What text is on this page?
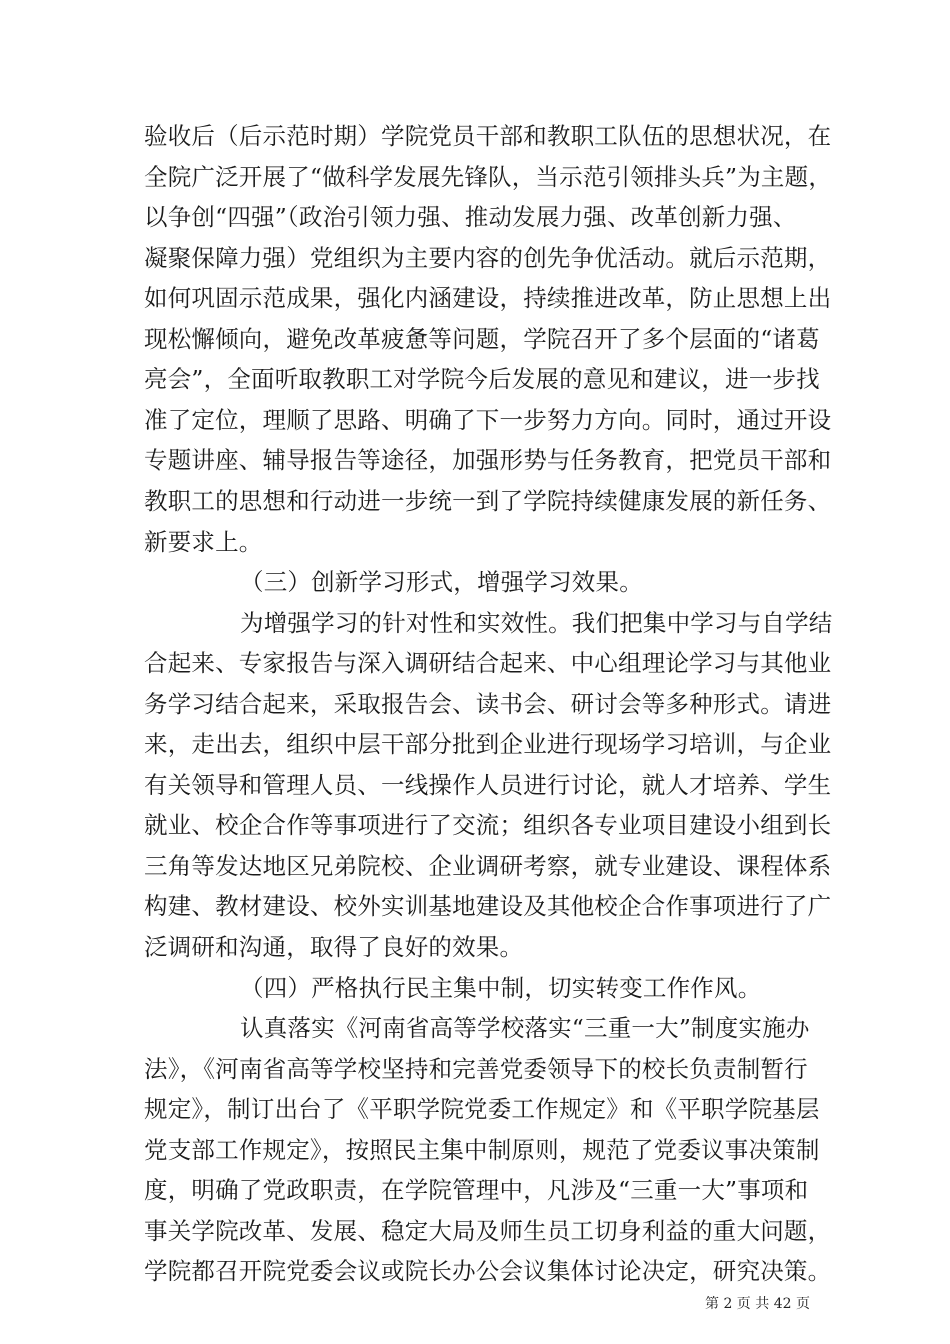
验收后（后示范时期）学院党员干部和教职工队伍的思想状况，在
全院广泛开展了“做科学发展先锋队，当示范引领排头兵”为主题，
以争创“四强”（政治引领力强、推动发展力强、改革创新力强、
凝聚保障力强）党组织为主要内容的创先争优活动。就后示范期，
如何巩固示范成果，强化内涵建设，持续推进改革，防止思想上出
现松懈倾向，避免改革疲惫等问题，学院召开了多个层面的“诸葛
亮会”，全面听取教职工对学院今后发展的意见和建议，进一步找
准了定位，理顺了思路、明确了下一步努力方向。同时，通过开设
专题讲座、辅导报告等途径，加强形势与任务教育，把党员干部和
教职工的思想和行动进一步统一到了学院持续健康发展的新任务、
新要求上。
（三）创新学习形式，增强学习效果。
为增强学习的针对性和实效性。我们把集中学习与自学结
合起来、专家报告与深入调研结合起来、中心组理论学习与其他业
务学习结合起来，采取报告会、读书会、研讨会等多种形式。请进
来，走出去，组织中层干部分批到企业进行现场学习培训，与企业
有关领导和管理人员、一线操作人员进行讨论，就人才培养、学生
就业、校企合作等事项进行了交流；组织各专业项目建设小组到长
三角等发达地区兄弟院校、企业调研考察，就专业建设、课程体系
构建、教材建设、校外实训基地建设及其他校企合作事项进行了广
泛调研和沟通，取得了良好的效果。
（四）严格执行民主集中制，切实转变工作作风。
认真落实《河南省高等学校落实“三重一大”制度实施办
法》，《河南省高等学校坚持和完善党委领导下的校长负责制暂行
规定》，制订出台了《平职学院党委工作规定》和《平职学院基层
党支部工作规定》，按照民主集中制原则，规范了党委议事决策制
度，明确了党政职责，在学院管理中，凡涉及“三重一大”事项和
事关学院改革、发展、稳定大局及师生员工切身利益的重大问题，
学院都召开院党委会议或院长办公会议集体讨论决定，研究决策。
第 2 页 共 42 页
